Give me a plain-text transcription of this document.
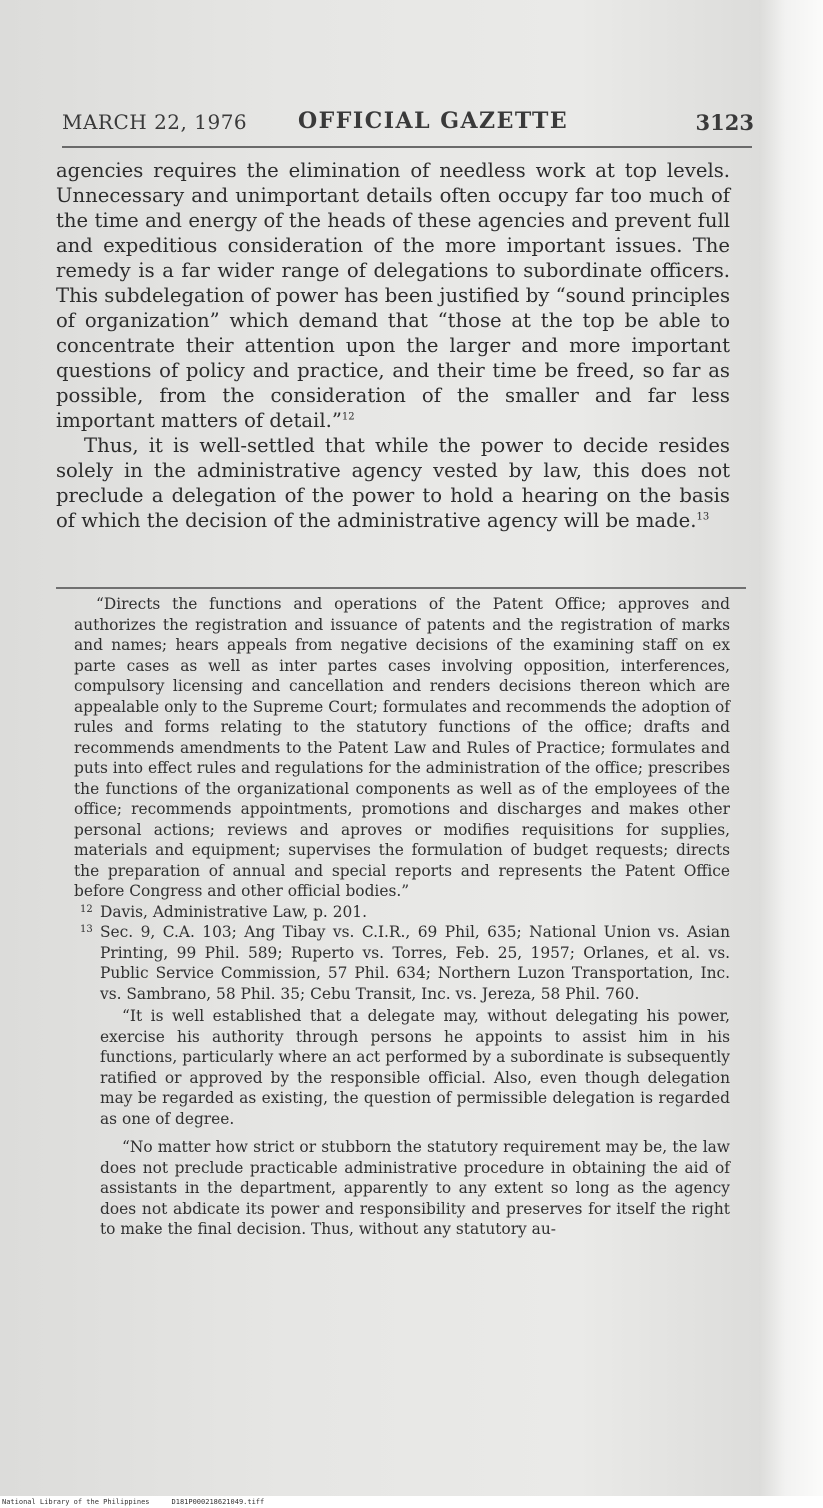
MARCH 22, 1976 OFFICIAL GAZETTE	3123

agencies requires the elimination of needless work at top levels. Unnecessary and unimportant details often occupy far too much of the time and energy of the heads of these agencies and prevent full and expeditious consideration of the more important issues. The remedy is a far wider range of delegations to subordinate officers. This subdelegation of power has been justified by “sound principles of organization” which demand that “those at the top be able to concentrate their attention upon the larger and more important questions of policy and practice, and their time be freed, so far as possible, from the consideration of the smaller and far less important matters of detail.”$^{12}$

Thus, it is well-settled that while the power to decide resides solely in the administrative agency vested by law, this does not preclude a delegation of the power to hold a hearing on the basis of which the decision of the administrative agency will be made.$^{13}$

“Directs the functions and operations of the Patent Office; approves and authorizes the registration and issuance of patents and the registration of marks and names; hears appeals from negative decisions of the examining staff on ex parte cases as well as inter partes cases involving opposition, interferences, compulsory licensing and cancellation and renders decisions thereon which are appealable only to the Supreme Court; formulates and recommends the adoption of rules and forms relating to the statutory functions of the office; drafts and recommends amendments to the Patent Law and Rules of Practice; formulates and puts into effect rules and regulations for the administration of the office; prescribes the functions of the organizational components as well as of the employees of the office; recommends appointments, promotions and discharges and makes other personal actions; reviews and aproves or modifies requisitions for supplies, materials and equipment; supervises the formulation of budget requests; directs the preparation of annual and special reports and represents the Patent Office before Congress and other official bodies.”

12 Davis, Administrative Law, p. 201.

13 Sec. 9, C.A. 103; Ang Tibay vs. C.I.R., 69 Phil, 635; National Union vs. Asian Printing, 99 Phil. 589; Ruperto vs. Torres, Feb. 25, 1957; Orlanes, et al. vs. Public Service Commission, 57 Phil. 634; Northern Luzon Transportation, Inc. vs. Sambrano, 58 Phil. 35; Cebu Transit, Inc. vs. Jereza, 58 Phil. 760.

“It is well established that a delegate may, without delegating his power, exercise his authority through persons he appoints to assist him in his functions, particularly where an act performed by a subordinate is subsequently ratified or approved by the responsible official. Also, even though delegation may be regarded as existing, the question of permissible delegation is regarded as one of degree.

“No matter how strict or stubborn the statutory requirement may be, the law does not preclude practicable administrative procedure in obtaining the aid of assistants in the department, apparently to any extent so long as the agency does not abdicate its power and responsibility and preserves for itself the right to make the final decision. Thus, without any statutory au-

National Library of the Philippines	D181P000218621049.tiff
